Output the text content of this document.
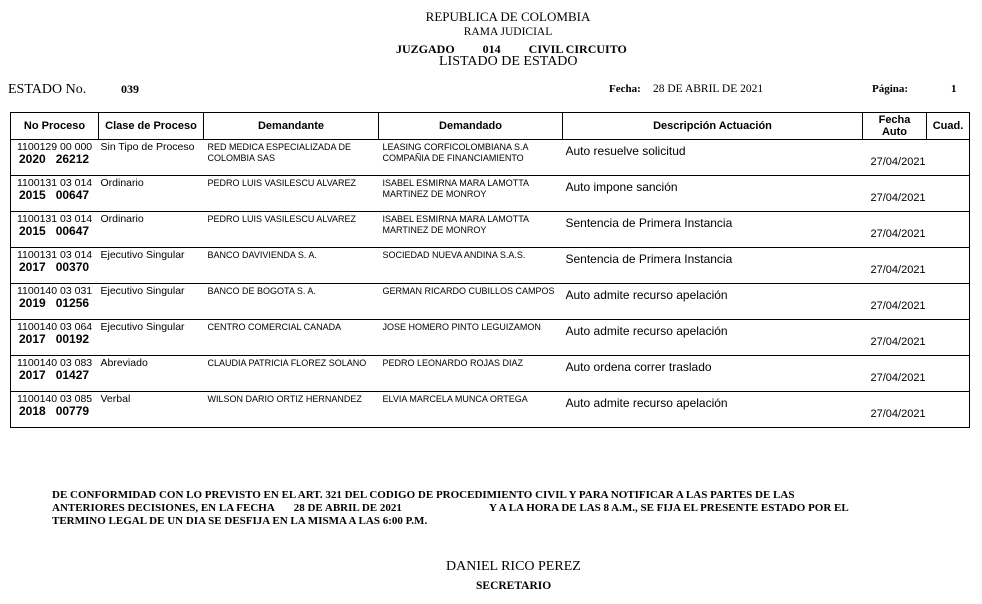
REPUBLICA DE COLOMBIA
RAMA JUDICIAL
JUZGADO 014 CIVIL CIRCUITO
LISTADO DE ESTADO
ESTADO No.	039	Fecha: 28 DE ABRIL DE 2021	Página:	1
No Proceso	Clase de Proceso	Demandante	Demandado	Descripción Actuación	Fecha
Auto	Cuad.

1100129 00 000
2020 26212	Sin Tipo de Proceso	RED MEDICA ESPECIALIZADA DE COLOMBIA SAS	LEASING CORFICOLOMBIANA S.A COMPAÑIA DE FINANCIAMIENTO	Auto resuelve solicitud	27/04/2021	

1100131 03 014
2015 00647	Ordinario	PEDRO LUIS VASILESCU ALVAREZ	ISABEL ESMIRNA MARA LAMOTTA MARTINEZ DE MONROY	Auto impone sanción	27/04/2021	

1100131 03 014
2015 00647	Ordinario	PEDRO LUIS VASILESCU ALVAREZ	ISABEL ESMIRNA MARA LAMOTTA MARTINEZ DE MONROY	Sentencia de Primera Instancia	27/04/2021	

1100131 03 014
2017 00370	Ejecutivo Singular	BANCO DAVIVIENDA S. A.	SOCIEDAD NUEVA ANDINA S.A.S.	Sentencia de Primera Instancia	27/04/2021	

1100140 03 031
2019 01256	Ejecutivo Singular	BANCO DE BOGOTA S. A.	GERMAN RICARDO CUBILLOS CAMPOS	Auto admite recurso apelación	27/04/2021	

1100140 03 064
2017 00192	Ejecutivo Singular	CENTRO COMERCIAL CANADA	JOSE HOMERO PINTO LEGUIZAMON	Auto admite recurso apelación	27/04/2021	

1100140 03 083
2017 01427	Abreviado	CLAUDIA PATRICIA FLOREZ SOLANO	PEDRO LEONARDO ROJAS DIAZ	Auto ordena correr traslado	27/04/2021	

1100140 03 085
2018 00779	Verbal	WILSON DARIO ORTIZ HERNANDEZ	ELVIA MARCELA MUNCA ORTEGA	Auto admite recurso apelación	27/04/2021	

DE CONFORMIDAD CON LO PREVISTO EN EL ART. 321 DEL CODIGO DE PROCEDIMIENTO CIVIL Y PARA NOTIFICAR A LAS PARTES DE LAS
ANTERIORES DECISIONES, EN LA FECHA 28 DE ABRIL DE 2021	Y A LA HORA DE LAS 8 A.M., SE FIJA EL PRESENTE ESTADO POR EL
TERMINO LEGAL DE UN DIA SE DESFIJA EN LA MISMA A LAS 6:00 P.M.
DANIEL RICO PEREZ
SECRETARIO
